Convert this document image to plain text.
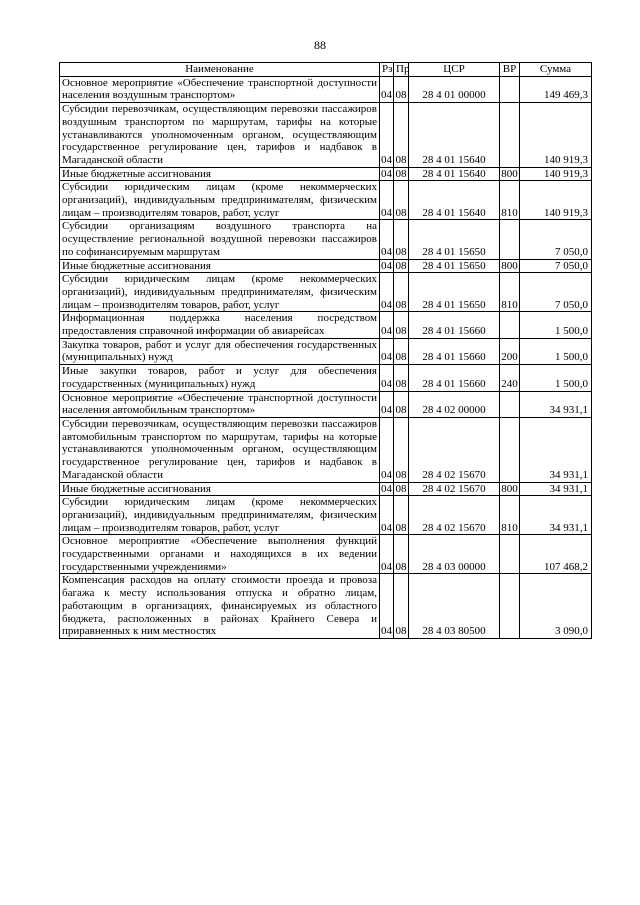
88
Наименование	Рз	Пр	ЦСР	ВР	Сумма
Основное мероприятие «Обеспечение транспортной доступности населения воздушным транспортом»	04	08	28 4 01 00000		149 469,3
Субсидии перевозчикам, осуществляющим перевозки пассажиров воздушным транспортом по маршрутам, тарифы на которые устанавливаются уполномоченным органом, осуществляющим государственное регулирование цен, тарифов и надбавок в Магаданской области	04	08	28 4 01 15640		140 919,3
Иные бюджетные ассигнования	04	08	28 4 01 15640	800	140 919,3
Субсидии юридическим лицам (кроме некоммерческих организаций), индивидуальным предпринимателям, физическим лицам – производителям товаров, работ, услуг	04	08	28 4 01 15640	810	140 919,3
Субсидии организациям воздушного транспорта на осуществление региональной воздушной перевозки пассажиров по софинансируемым маршрутам	04	08	28 4 01 15650		7 050,0
Иные бюджетные ассигнования	04	08	28 4 01 15650	800	7 050,0
Субсидии юридическим лицам (кроме некоммерческих организаций), индивидуальным предпринимателям, физическим лицам – производителям товаров, работ, услуг	04	08	28 4 01 15650	810	7 050,0
Информационная поддержка населения посредством предоставления справочной информации об авиарейсах	04	08	28 4 01 15660		1 500,0
Закупка товаров, работ и услуг для обеспечения государственных (муниципальных) нужд	04	08	28 4 01 15660	200	1 500,0
Иные закупки товаров, работ и услуг для обеспечения государственных (муниципальных) нужд	04	08	28 4 01 15660	240	1 500,0
Основное мероприятие «Обеспечение транспортной доступности населения автомобильным транспортом»	04	08	28 4 02 00000		34 931,1
Субсидии перевозчикам, осуществляющим перевозки пассажиров автомобильным транспортом по маршрутам, тарифы на которые устанавливаются уполномоченным органом, осуществляющим государственное регулирование цен, тарифов и надбавок в Магаданской области	04	08	28 4 02 15670		34 931,1
Иные бюджетные ассигнования	04	08	28 4 02 15670	800	34 931,1
Субсидии юридическим лицам (кроме некоммерческих организаций), индивидуальным предпринимателям, физическим лицам – производителям товаров, работ, услуг	04	08	28 4 02 15670	810	34 931,1
Основное мероприятие «Обеспечение выполнения функций государственными органами и находящихся в их ведении государственными учреждениями»	04	08	28 4 03 00000		107 468,2
Компенсация расходов на оплату стоимости проезда и провоза багажа к месту использования отпуска и обратно лицам, работающим в организациях, финансируемых из областного бюджета, расположенных в районах Крайнего Севера и приравненных к ним местностях	04	08	28 4 03 80500		3 090,0
